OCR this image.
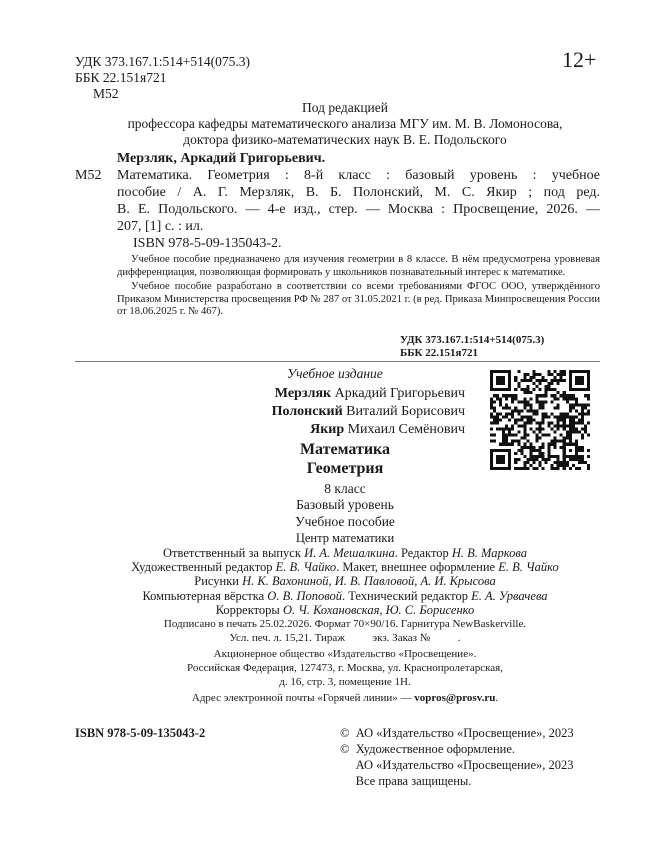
УДК 373.167.1:514+514(075.3)
ББК 22.151я721
М52
12+
Под редакцией
профессора кафедры математического анализа МГУ им. М. В. Ломоносова,
доктора физико-математических наук В. Е. Подольского
Мерзляк, Аркадий Григорьевич.
М52 Математика. Геометрия : 8-й класс : базовый уровень : учебное
пособие / А. Г. Мерзляк, В. Б. Полонский, М. С. Якир ; под ред.
В. Е. Подольского. — 4-е изд., стер. — Москва : Просвещение, 2026. —
207, [1] с. : ил.
ISBN 978-5-09-135043-2.

Учебное пособие предназначено для изучения геометрии в 8 классе. В нём предусмотрена уровневая дифференциация, позволяющая формировать у школьников познавательный интерес к математике.

Учебное пособие разработано в соответствии со всеми требованиями ФГОС ООО, утверждённого Приказом Министерства просвещения РФ № 287 от 31.05.2021 г. (в ред. Приказа Минпросвещения России от 18.06.2025 г. № 467).

УДК 373.167.1:514+514(075.3)
ББК 22.151я721
Учебное издание
Мерзляк Аркадий Григорьевич
Полонский Виталий Борисович
Якир Михаил Семёнович
Математика
Геометрия
8 класс
Базовый уровень
Учебное пособие
Центр математики
Ответственный за выпуск И. А. Мешалкина. Редактор Н. В. Маркова
Художественный редактор Е. В. Чайко. Макет, внешнее оформление Е. В. Чайко
Рисунки Н. К. Вахониной, И. В. Павловой, А. И. Крысова
Компьютерная вёрстка О. В. Поповой. Технический редактор Е. А. Урвачева
Корректоры О. Ч. Кохановская, Ю. С. Борисенко
Подписано в печать 25.02.2026. Формат 70×90/16. Гарнитура NewBaskerville.
Усл. печ. л. 15,21. Тираж          экз. Заказ №          .
Акционерное общество «Издательство «Просвещение».
Российская Федерация, 127473, г. Москва, ул. Краснопролетарская,
д. 16, стр. 3, помещение 1Н.
Адрес электронной почты «Горячей линии» — vopros@prosv.ru.
ISBN 978-5-09-135043-2	©  АО «Издательство «Просвещение», 2023
©  Художественное оформление.
АО «Издательство «Просвещение», 2023
Все права защищены.
